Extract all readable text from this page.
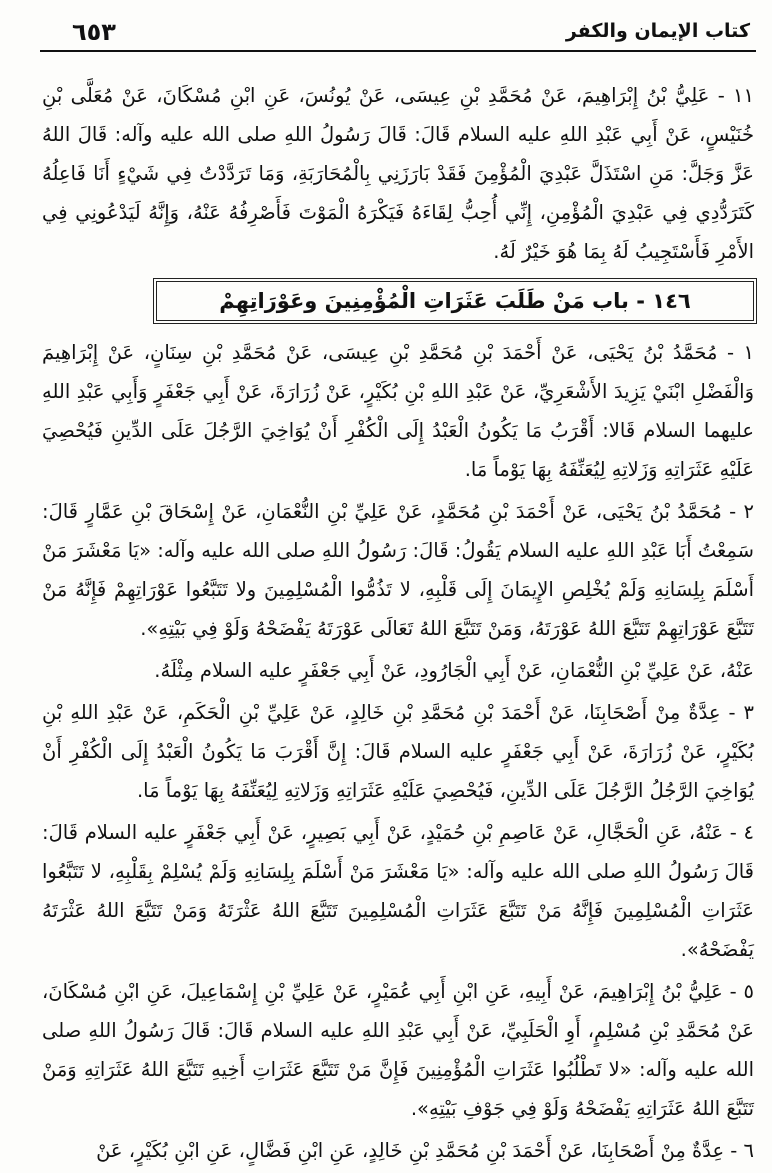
٦٥٣	كتاب الإيمان والكفر

١١ - عَلِيُّ بْنُ إِبْرَاهِيمَ، عَنْ مُحَمَّدِ بْنِ عِيسَى، عَنْ يُونُسَ، عَنِ ابْنِ مُسْكَانَ، عَنْ مُعَلَّى بْنِ خُنَيْسٍ، عَنْ أَبِي عَبْدِ اللهِ عليه السلام قَالَ: قَالَ رَسُولُ اللهِ صلى الله عليه وآله: قَالَ اللهُ عَزَّ وَجَلَّ: مَنِ اسْتَذَلَّ عَبْدِيَ الْمُؤْمِنَ فَقَدْ بَارَزَنِي بِالْمُحَارَبَةِ، وَمَا تَرَدَّدْتُ فِي شَيْءٍ أَنَا فَاعِلُهُ كَتَرَدُّدِي فِي عَبْدِيَ الْمُؤْمِنِ، إِنِّي أُحِبُّ لِقَاءَهُ فَيَكْرَهُ الْمَوْتَ فَأَصْرِفُهُ عَنْهُ، وَإِنَّهُ لَيَدْعُونِي فِي الأَمْرِ فَأَسْتَجِيبُ لَهُ بِمَا هُوَ خَيْرٌ لَهُ.

١٤٦ - باب مَنْ طَلَبَ عَثَرَاتِ الْمُؤْمِنِينَ وعَوْرَاتِهِمْ

١ - مُحَمَّدُ بْنُ يَحْيَى، عَنْ أَحْمَدَ بْنِ مُحَمَّدِ بْنِ عِيسَى، عَنْ مُحَمَّدِ بْنِ سِنَانٍ، عَنْ إِبْرَاهِيمَ وَالْفَضْلِ ابْنَيْ يَزِيدَ الأَشْعَرِيِّ، عَنْ عَبْدِ اللهِ بْنِ بُكَيْرٍ، عَنْ زُرَارَةَ، عَنْ أَبِي جَعْفَرٍ وَأَبِي عَبْدِ اللهِ عليهما السلام قَالا: أَقْرَبُ مَا يَكُونُ الْعَبْدُ إِلَى الْكُفْرِ أَنْ يُوَاخِيَ الرَّجُلَ عَلَى الدِّينِ فَيُحْصِيَ عَلَيْهِ عَثَرَاتِهِ وَزَلاتِهِ لِيُعَنِّفَهُ بِهَا يَوْماً مَا.

٢ - مُحَمَّدُ بْنُ يَحْيَى، عَنْ أَحْمَدَ بْنِ مُحَمَّدٍ، عَنْ عَلِيِّ بْنِ النُّعْمَانِ، عَنْ إِسْحَاقَ بْنِ عَمَّارٍ قَالَ: سَمِعْتُ أَبَا عَبْدِ اللهِ عليه السلام يَقُولُ: قَالَ: رَسُولُ اللهِ صلى الله عليه وآله: «يَا مَعْشَرَ مَنْ أَسْلَمَ بِلِسَانِهِ وَلَمْ يُخْلِصِ الإِيمَانَ إِلَى قَلْبِهِ، لا تَذُمُّوا الْمُسْلِمِينَ ولا تَتَبَّعُوا عَوْرَاتِهِمْ فَإِنَّهُ مَنْ تَتَبَّعَ عَوْرَاتِهِمْ تَتَبَّعَ اللهُ عَوْرَتَهُ، وَمَنْ تَتَبَّعَ اللهُ تَعَالَى عَوْرَتَهُ يَفْضَحْهُ وَلَوْ فِي بَيْتِهِ».

عَنْهُ، عَنْ عَلِيِّ بْنِ النُّعْمَانِ، عَنْ أَبِي الْجَارُودِ، عَنْ أَبِي جَعْفَرٍ عليه السلام مِثْلَهُ.

٣ - عِدَّةٌ مِنْ أَصْحَابِنَا، عَنْ أَحْمَدَ بْنِ مُحَمَّدِ بْنِ خَالِدٍ، عَنْ عَلِيِّ بْنِ الْحَكَمِ، عَنْ عَبْدِ اللهِ بْنِ بُكَيْرٍ، عَنْ زُرَارَةَ، عَنْ أَبِي جَعْفَرٍ عليه السلام قَالَ: إِنَّ أَقْرَبَ مَا يَكُونُ الْعَبْدُ إِلَى الْكُفْرِ أَنْ يُوَاخِيَ الرَّجُلُ الرَّجُلَ عَلَى الدِّينِ، فَيُحْصِيَ عَلَيْهِ عَثَرَاتِهِ وَزَلاتِهِ لِيُعَنِّفَهُ بِهَا يَوْماً مَا.

٤ - عَنْهُ، عَنِ الْحَجَّالِ، عَنْ عَاصِمِ بْنِ حُمَيْدٍ، عَنْ أَبِي بَصِيرٍ، عَنْ أَبِي جَعْفَرٍ عليه السلام قَالَ: قَالَ رَسُولُ اللهِ صلى الله عليه وآله: «يَا مَعْشَرَ مَنْ أَسْلَمَ بِلِسَانِهِ وَلَمْ يُسْلِمْ بِقَلْبِهِ، لا تَتَبَّعُوا عَثَرَاتِ الْمُسْلِمِينَ فَإِنَّهُ مَنْ تَتَبَّعَ عَثَرَاتِ الْمُسْلِمِينَ تَتَبَّعَ اللهُ عَثْرَتَهُ وَمَنْ تَتَبَّعَ اللهُ عَثْرَتَهُ يَفْضَحْهُ».

٥ - عَلِيُّ بْنُ إِبْرَاهِيمَ، عَنْ أَبِيهِ، عَنِ ابْنِ أَبِي عُمَيْرٍ، عَنْ عَلِيِّ بْنِ إِسْمَاعِيلَ، عَنِ ابْنِ مُسْكَانَ، عَنْ مُحَمَّدِ بْنِ مُسْلِمٍ، أَوِ الْحَلَبِيِّ، عَنْ أَبِي عَبْدِ اللهِ عليه السلام قَالَ: قَالَ رَسُولُ اللهِ صلى الله عليه وآله: «لا تَطْلُبُوا عَثَرَاتِ الْمُؤْمِنِينَ فَإِنَّ مَنْ تَتَبَّعَ عَثَرَاتِ أَخِيهِ تَتَبَّعَ اللهُ عَثَرَاتِهِ وَمَنْ تَتَبَّعَ اللهُ عَثَرَاتِهِ يَفْضَحْهُ وَلَوْ فِي جَوْفِ بَيْتِهِ».

٦ - عِدَّةٌ مِنْ أَصْحَابِنَا، عَنْ أَحْمَدَ بْنِ مُحَمَّدِ بْنِ خَالِدٍ، عَنِ ابْنِ فَضَّالٍ، عَنِ ابْنِ بُكَيْرٍ، عَنْ
